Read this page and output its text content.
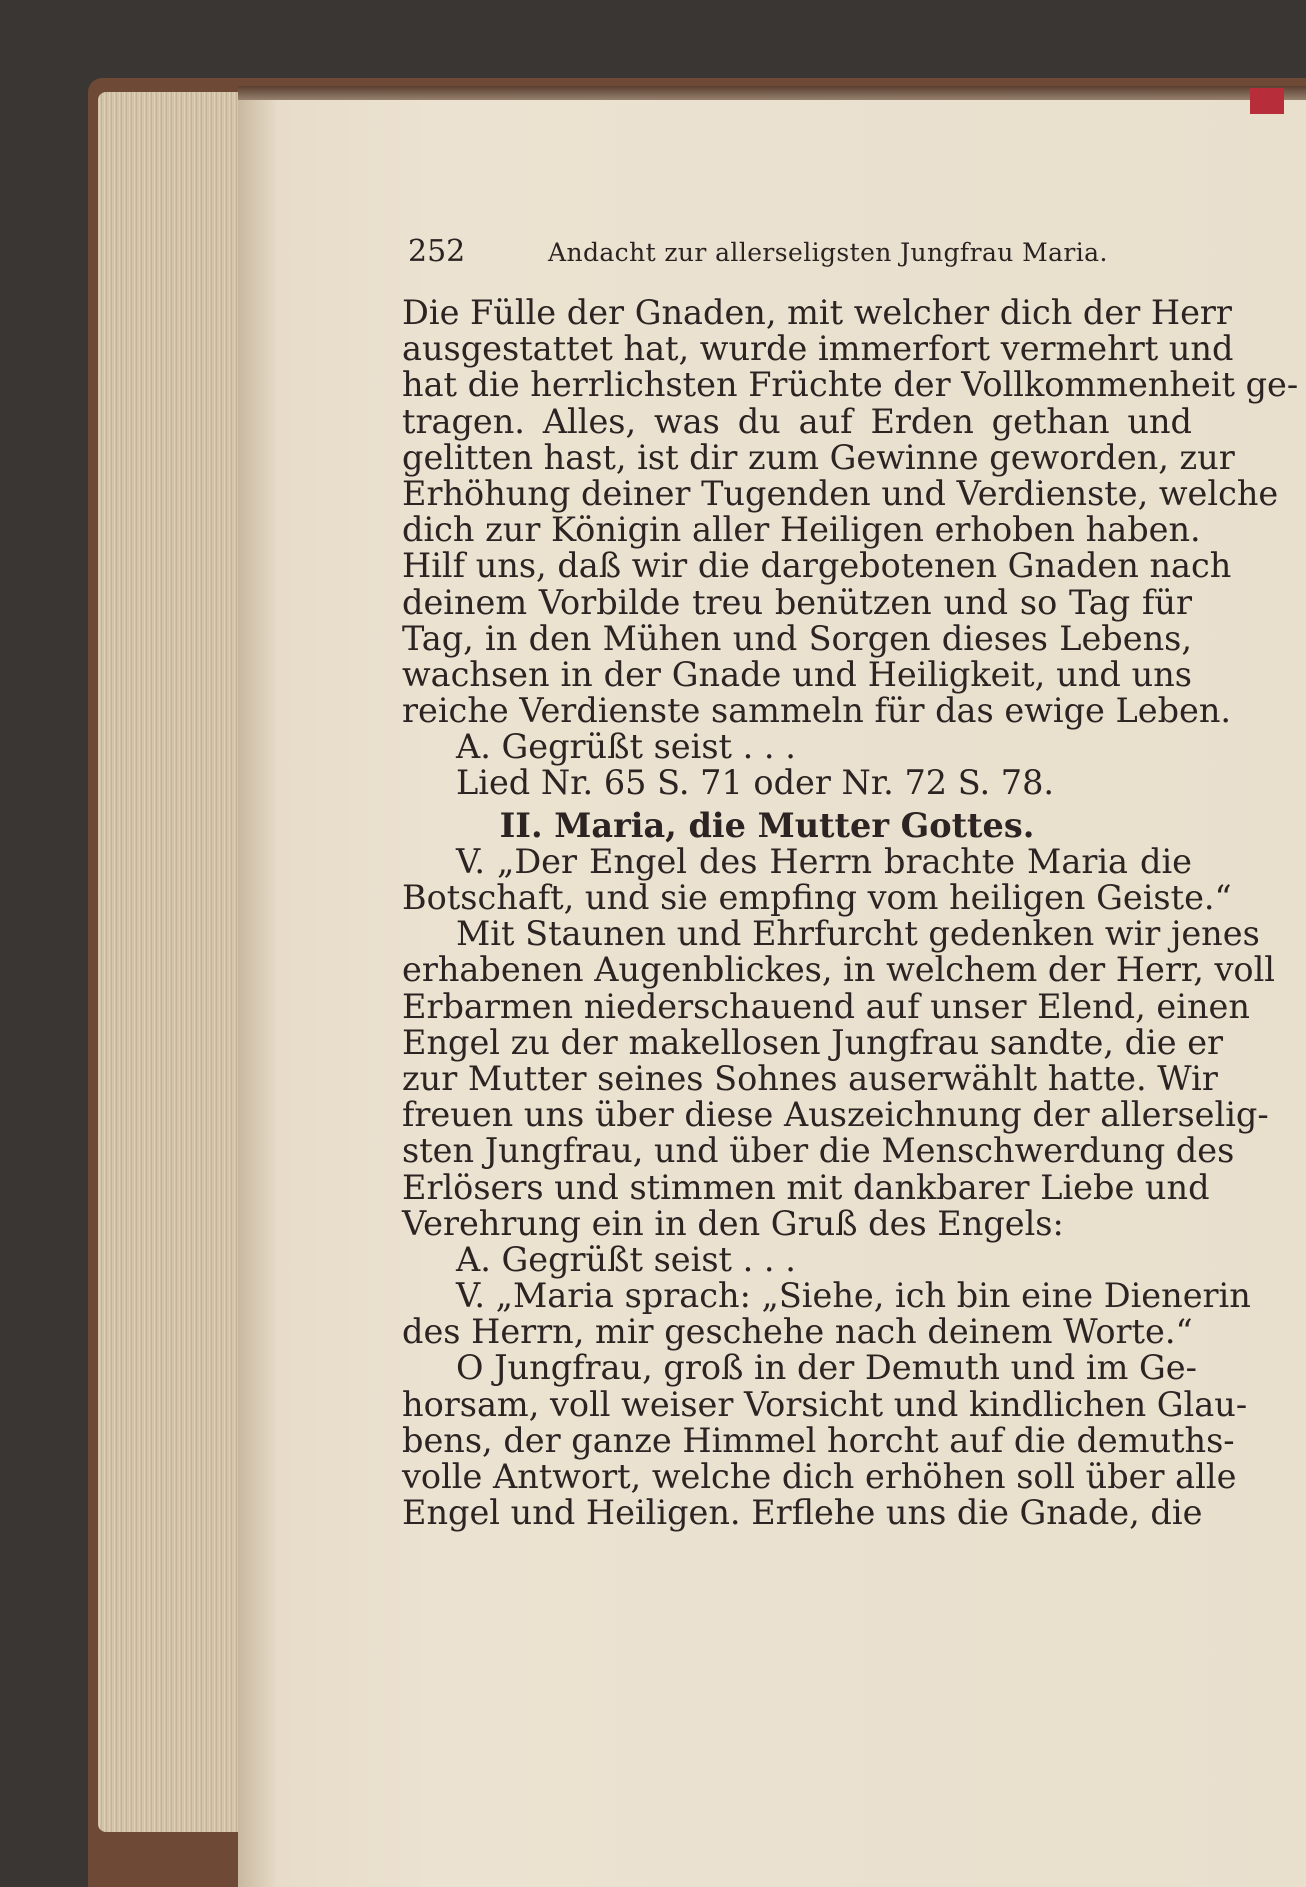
252	Andacht zur allerseligsten Jungfrau Maria.
Die Fülle der Gnaden, mit welcher dich der Herr
ausgestattet hat, wurde immerfort vermehrt und
hat die herrlichsten Früchte der Vollkommenheit ge-
tragen. Alles, was du auf Erden gethan und
gelitten hast, ist dir zum Gewinne geworden, zur
Erhöhung deiner Tugenden und Verdienste, welche
dich zur Königin aller Heiligen erhoben haben.
Hilf uns, daß wir die dargebotenen Gnaden nach
deinem Vorbilde treu benützen und so Tag für
Tag, in den Mühen und Sorgen dieses Lebens,
wachsen in der Gnade und Heiligkeit, und uns
reiche Verdienste sammeln für das ewige Leben.
A. Gegrüßt seist . . .
Lied Nr. 65 S. 71 oder Nr. 72 S. 78.
II. Maria, die Mutter Gottes.
V. „Der Engel des Herrn brachte Maria die
Botschaft, und sie empfing vom heiligen Geiste.“
Mit Staunen und Ehrfurcht gedenken wir jenes
erhabenen Augenblickes, in welchem der Herr, voll
Erbarmen niederschauend auf unser Elend, einen
Engel zu der makellosen Jungfrau sandte, die er
zur Mutter seines Sohnes auserwählt hatte. Wir
freuen uns über diese Auszeichnung der allerselig-
sten Jungfrau, und über die Menschwerdung des
Erlösers und stimmen mit dankbarer Liebe und
Verehrung ein in den Gruß des Engels:
A. Gegrüßt seist . . .
V. „Maria sprach: „Siehe, ich bin eine Dienerin
des Herrn, mir geschehe nach deinem Worte.“
O Jungfrau, groß in der Demuth und im Ge-
horsam, voll weiser Vorsicht und kindlichen Glau-
bens, der ganze Himmel horcht auf die demuths-
volle Antwort, welche dich erhöhen soll über alle
Engel und Heiligen. Erflehe uns die Gnade, die
